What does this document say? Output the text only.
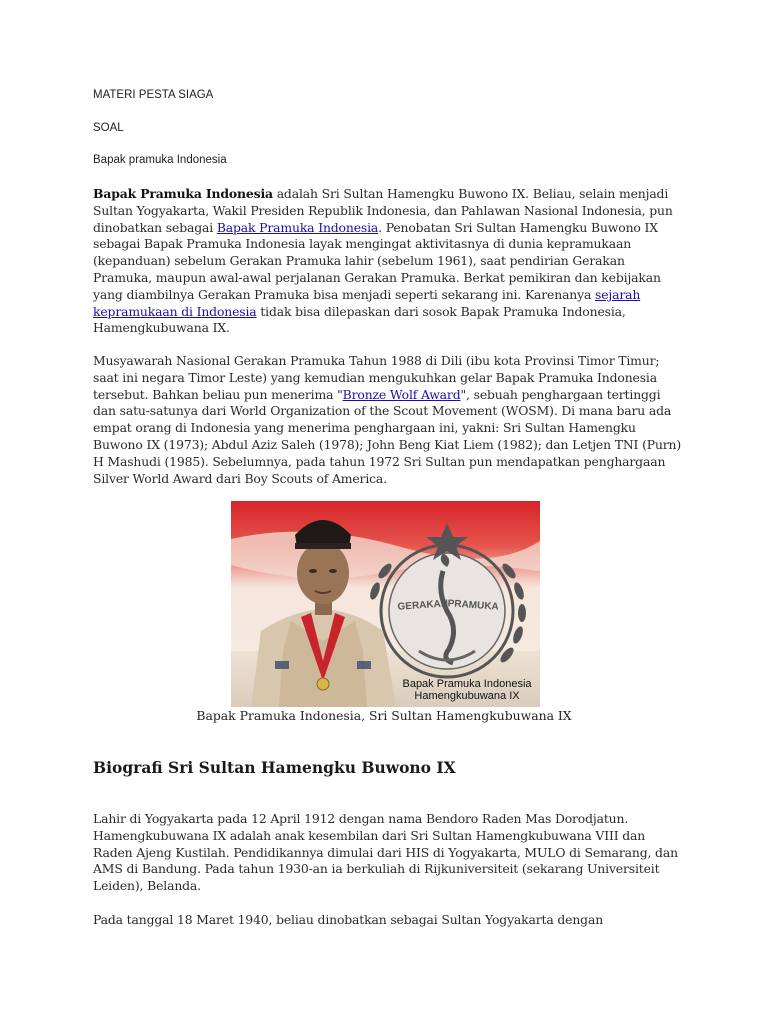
MATERI PESTA SIAGA
SOAL
Bapak pramuka Indonesia
Bapak Pramuka Indonesia adalah Sri Sultan Hamengku Buwono IX. Beliau, selain menjadi Sultan Yogyakarta, Wakil Presiden Republik Indonesia, dan Pahlawan Nasional Indonesia, pun dinobatkan sebagai Bapak Pramuka Indonesia. Penobatan Sri Sultan Hamengku Buwono IX sebagai Bapak Pramuka Indonesia layak mengingat aktivitasnya di dunia kepramukaan (kepanduan) sebelum Gerakan Pramuka lahir (sebelum 1961), saat pendirian Gerakan Pramuka, maupun awal-awal perjalanan Gerakan Pramuka. Berkat pemikiran dan kebijakan yang diambilnya Gerakan Pramuka bisa menjadi seperti sekarang ini. Karenanya sejarah kepramukaan di Indonesia tidak bisa dilepaskan dari sosok Bapak Pramuka Indonesia, Hamengkubuwana IX.
Musyawarah Nasional Gerakan Pramuka Tahun 1988 di Dili (ibu kota Provinsi Timor Timur; saat ini negara Timor Leste) yang kemudian mengukuhkan gelar Bapak Pramuka Indonesia tersebut. Bahkan beliau pun menerima "Bronze Wolf Award", sebuah penghargaan tertinggi dan satu-satunya dari World Organization of the Scout Movement (WOSM). Di mana baru ada empat orang di Indonesia yang menerima penghargaan ini, yakni: Sri Sultan Hamengku Buwono IX (1973); Abdul Aziz Saleh (1978); John Beng Kiat Liem (1982); dan Letjen TNI (Purn) H Mashudi (1985). Sebelumnya, pada tahun 1972 Sri Sultan pun mendapatkan penghargaan Silver World Award dari Boy Scouts of America.
GERAKAN
PRAMUKA
Bapak Pramuka Indonesia
Hamengkubuwana IX
Bapak Pramuka Indonesia, Sri Sultan Hamengkubuwana IX
Biografi Sri Sultan Hamengku Buwono IX
Lahir di Yogyakarta pada 12 April 1912 dengan nama Bendoro Raden Mas Dorodjatun. Hamengkubuwana IX adalah anak kesembilan dari Sri Sultan Hamengkubuwana VIII dan Raden Ajeng Kustilah. Pendidikannya dimulai dari HIS di Yogyakarta, MULO di Semarang, dan AMS di Bandung. Pada tahun 1930-an ia berkuliah di Rijkuniversiteit (sekarang Universiteit Leiden), Belanda.
Pada tanggal 18 Maret 1940, beliau dinobatkan sebagai Sultan Yogyakarta dengan
